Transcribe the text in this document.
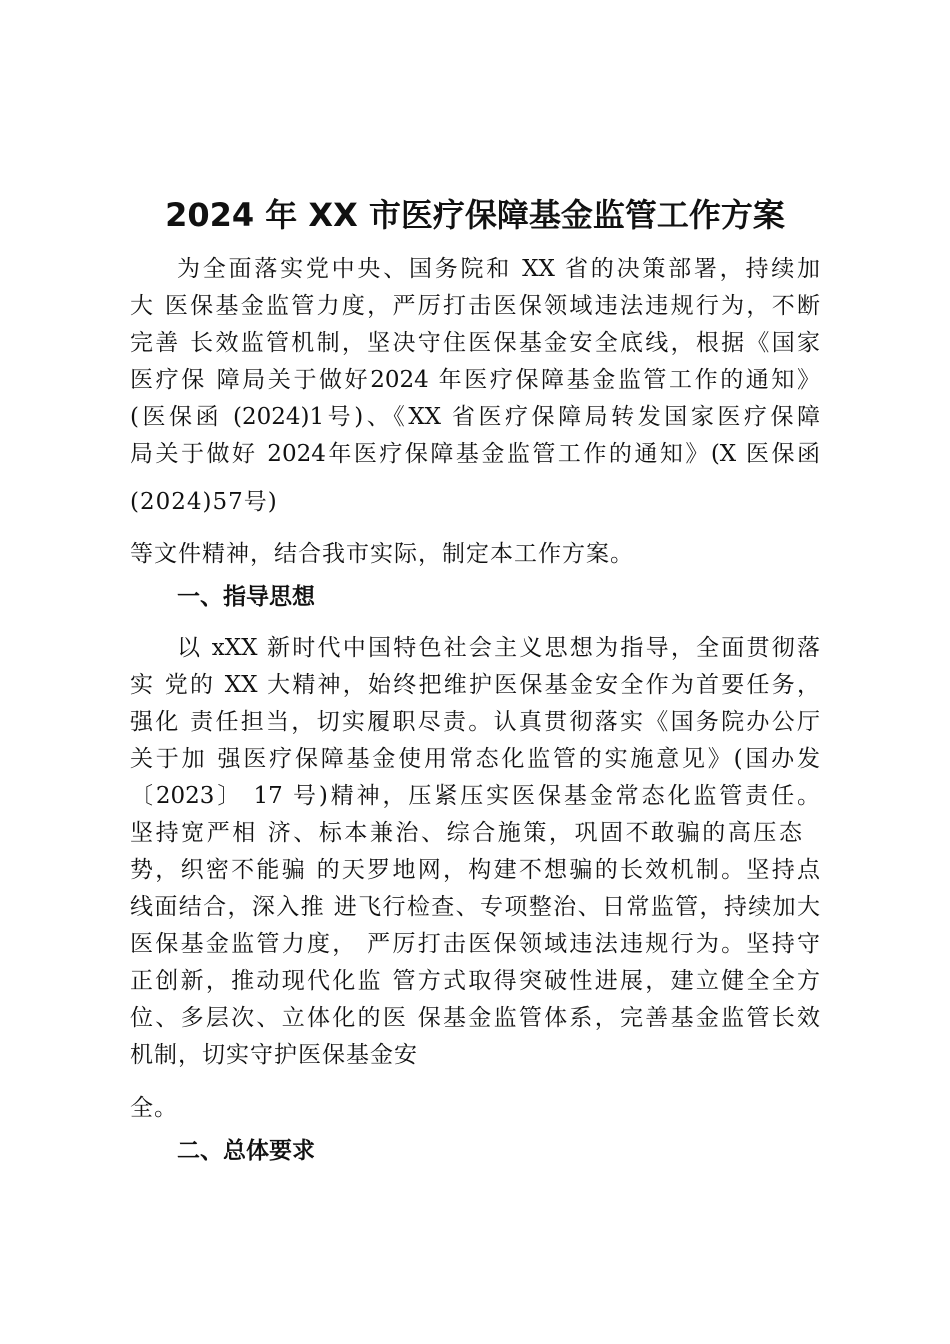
2024 年 XX 市医疗保障基金监管工作方案

为全面落实党中央、国务院和 XX 省的决策部署，持续加

大 医保基金监管力度，严厉打击医保领域违法违规行为，不断

完善 长效监管机制，坚决守住医保基金安全底线，根据《国家

医疗保 障局关于做好2024 年医疗保障基金监管工作的通知》

(医保函 (2024)1号)、《XX 省医疗保障局转发国家医疗保障

局关于做好 2024年医疗保障基金监管工作的通知》(X 医保函

(2024)57号)

等文件精神，结合我市实际，制定本工作方案。

一、指导思想

以 xXX 新时代中国特色社会主义思想为指导，全面贯彻落

实 党的 XX 大精神，始终把维护医保基金安全作为首要任务，

强化 责任担当，切实履职尽责。认真贯彻落实《国务院办公厅

关于加 强医疗保障基金使用常态化监管的实施意见》(国办发

〔2023〕 17 号)精神，压紧压实医保基金常态化监管责任。

坚持宽严相 济、标本兼治、综合施策，巩固不敢骗的高压态

势，织密不能骗 的天罗地网，构建不想骗的长效机制。坚持点

线面结合，深入推 进飞行检查、专项整治、日常监管，持续加大

医保基金监管力度， 严厉打击医保领域违法违规行为。坚持守

正创新，推动现代化监 管方式取得突破性进展，建立健全全方

位、多层次、立体化的医 保基金监管体系，完善基金监管长效

机制，切实守护医保基金安

全。

二、总体要求
